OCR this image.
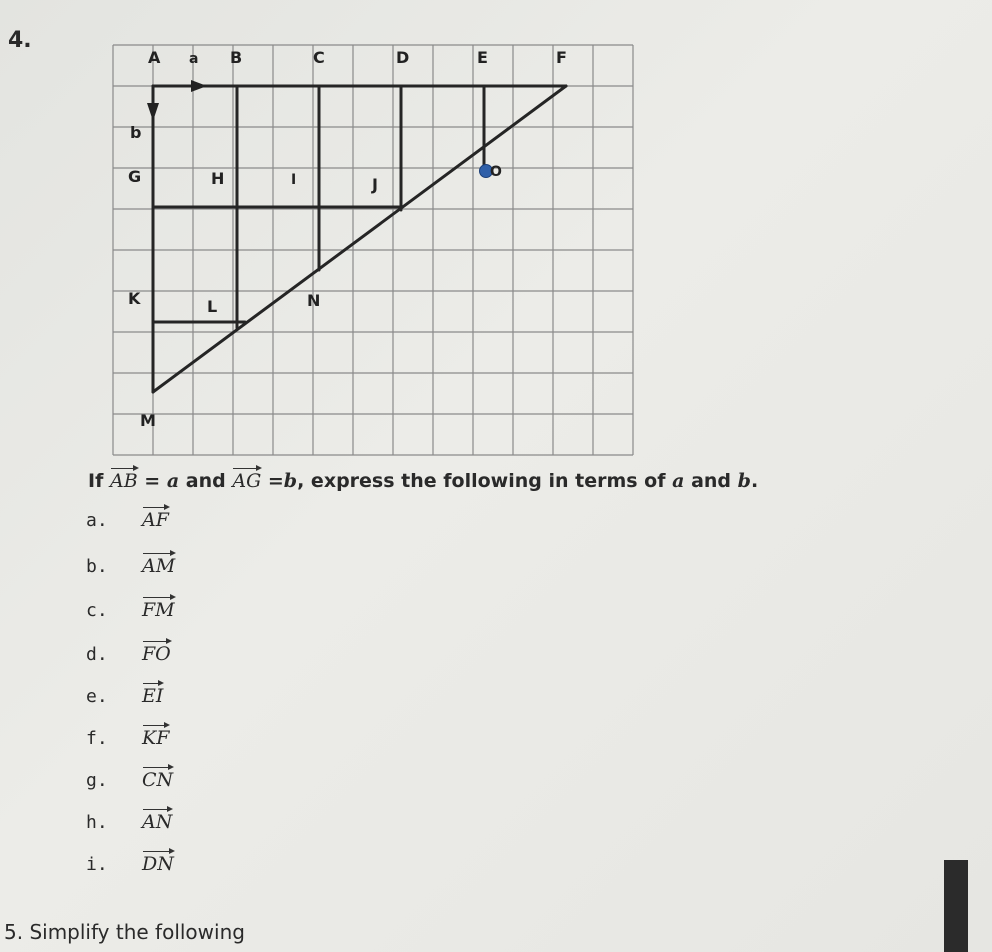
4.
A a B	C	D	E	F
b
G
K
M
H	I	J
L	N
O
If AB = a and AG =b, express the following in terms of a and b.
a. AF
b. AM
c. FM
d. FO
e. EI
f. KF
g. CN
h. AN
i. DN
5. Simplify the following
